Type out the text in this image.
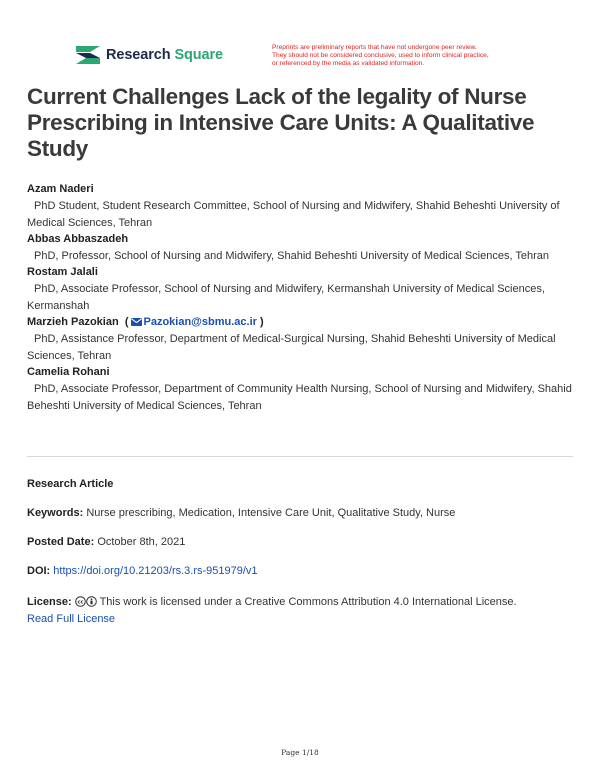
Research Square	Preprints are preliminary reports that have not undergone peer review.
They should not be considered conclusive, used to inform clinical practice,
or referenced by the media as validated information.
Current Challenges Lack of the legality of Nurse Prescribing in Intensive Care Units: A Qualitative Study
Azam Naderi
PhD Student, Student Research Committee, School of Nursing and Midwifery, Shahid Beheshti University of Medical Sciences, Tehran
Abbas Abbaszadeh
PhD, Professor, School of Nursing and Midwifery, Shahid Beheshti University of Medical Sciences, Tehran
Rostam Jalali
PhD, Associate Professor, School of Nursing and Midwifery, Kermanshah University of Medical Sciences, Kermanshah
Marzieh Pazokian  ( Pazokian@sbmu.ac.ir )
PhD, Assistance Professor, Department of Medical-Surgical Nursing, Shahid Beheshti University of Medical Sciences, Tehran
Camelia Rohani
PhD, Associate Professor, Department of Community Health Nursing, School of Nursing and Midwifery, Shahid Beheshti University of Medical Sciences, Tehran
Research Article
Keywords: Nurse prescribing, Medication, Intensive Care Unit, Qualitative Study, Nurse
Posted Date: October 8th, 2021
DOI: https://doi.org/10.21203/rs.3.rs-951979/v1
License: cc This work is licensed under a Creative Commons Attribution 4.0 International License.
Read Full License
Page 1/18
